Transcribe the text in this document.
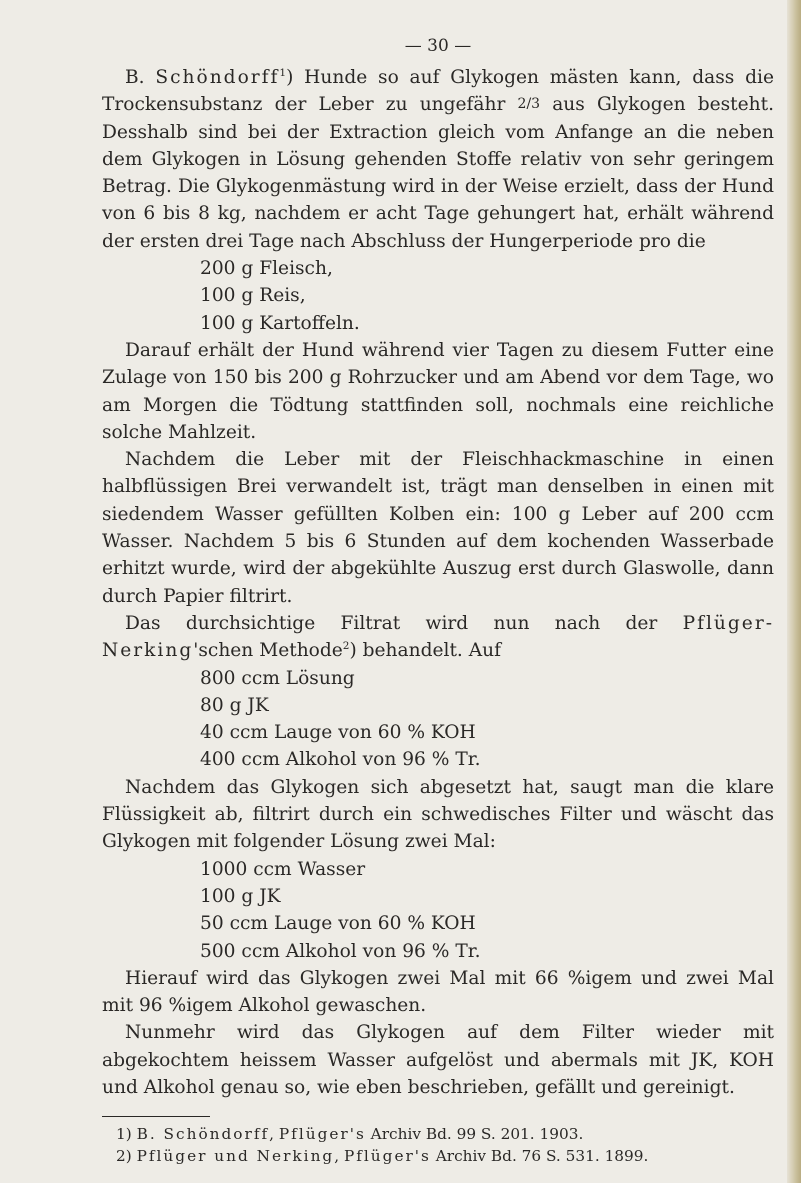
— 30 —

B. Schöndorff$^1$) Hunde so auf Glykogen mästen kann, dass die Trockensubstanz der Leber zu ungefähr 2/3 aus Glykogen besteht. Desshalb sind bei der Extraction gleich vom Anfange an die neben dem Glykogen in Lösung gehenden Stoffe relativ von sehr geringem Betrag. Die Glykogenmästung wird in der Weise erzielt, dass der Hund von 6 bis 8 kg, nachdem er acht Tage gehungert hat, erhält während der ersten drei Tage nach Abschluss der Hungerperiode pro die

200 g Fleisch,
100 g Reis,
100 g Kartoffeln.

Darauf erhält der Hund während vier Tagen zu diesem Futter eine Zulage von 150 bis 200 g Rohrzucker und am Abend vor dem Tage, wo am Morgen die Tödtung stattfinden soll, nochmals eine reichliche solche Mahlzeit.

Nachdem die Leber mit der Fleischhackmaschine in einen halbflüssigen Brei verwandelt ist, trägt man denselben in einen mit siedendem Wasser gefüllten Kolben ein: 100 g Leber auf 200 ccm Wasser. Nachdem 5 bis 6 Stunden auf dem kochenden Wasserbade erhitzt wurde, wird der abgekühlte Auszug erst durch Glaswolle, dann durch Papier filtrirt.

Das durchsichtige Filtrat wird nun nach der Pflüger-Nerking'schen Methode$^2$) behandelt. Auf

800 ccm Lösung
80 g JK
40 ccm Lauge von 60 % KOH
400 ccm Alkohol von 96 % Tr.

Nachdem das Glykogen sich abgesetzt hat, saugt man die klare Flüssigkeit ab, filtrirt durch ein schwedisches Filter und wäscht das Glykogen mit folgender Lösung zwei Mal:

1000 ccm Wasser
100 g JK
50 ccm Lauge von 60 % KOH
500 ccm Alkohol von 96 % Tr.

Hierauf wird das Glykogen zwei Mal mit 66 %igem und zwei Mal mit 96 %igem Alkohol gewaschen.

Nunmehr wird das Glykogen auf dem Filter wieder mit abgekochtem heissem Wasser aufgelöst und abermals mit JK, KOH und Alkohol genau so, wie eben beschrieben, gefällt und gereinigt.

1) B. Schöndorff, Pflüger's Archiv Bd. 99 S. 201. 1903.

2) Pflüger und Nerking, Pflüger's Archiv Bd. 76 S. 531. 1899.
